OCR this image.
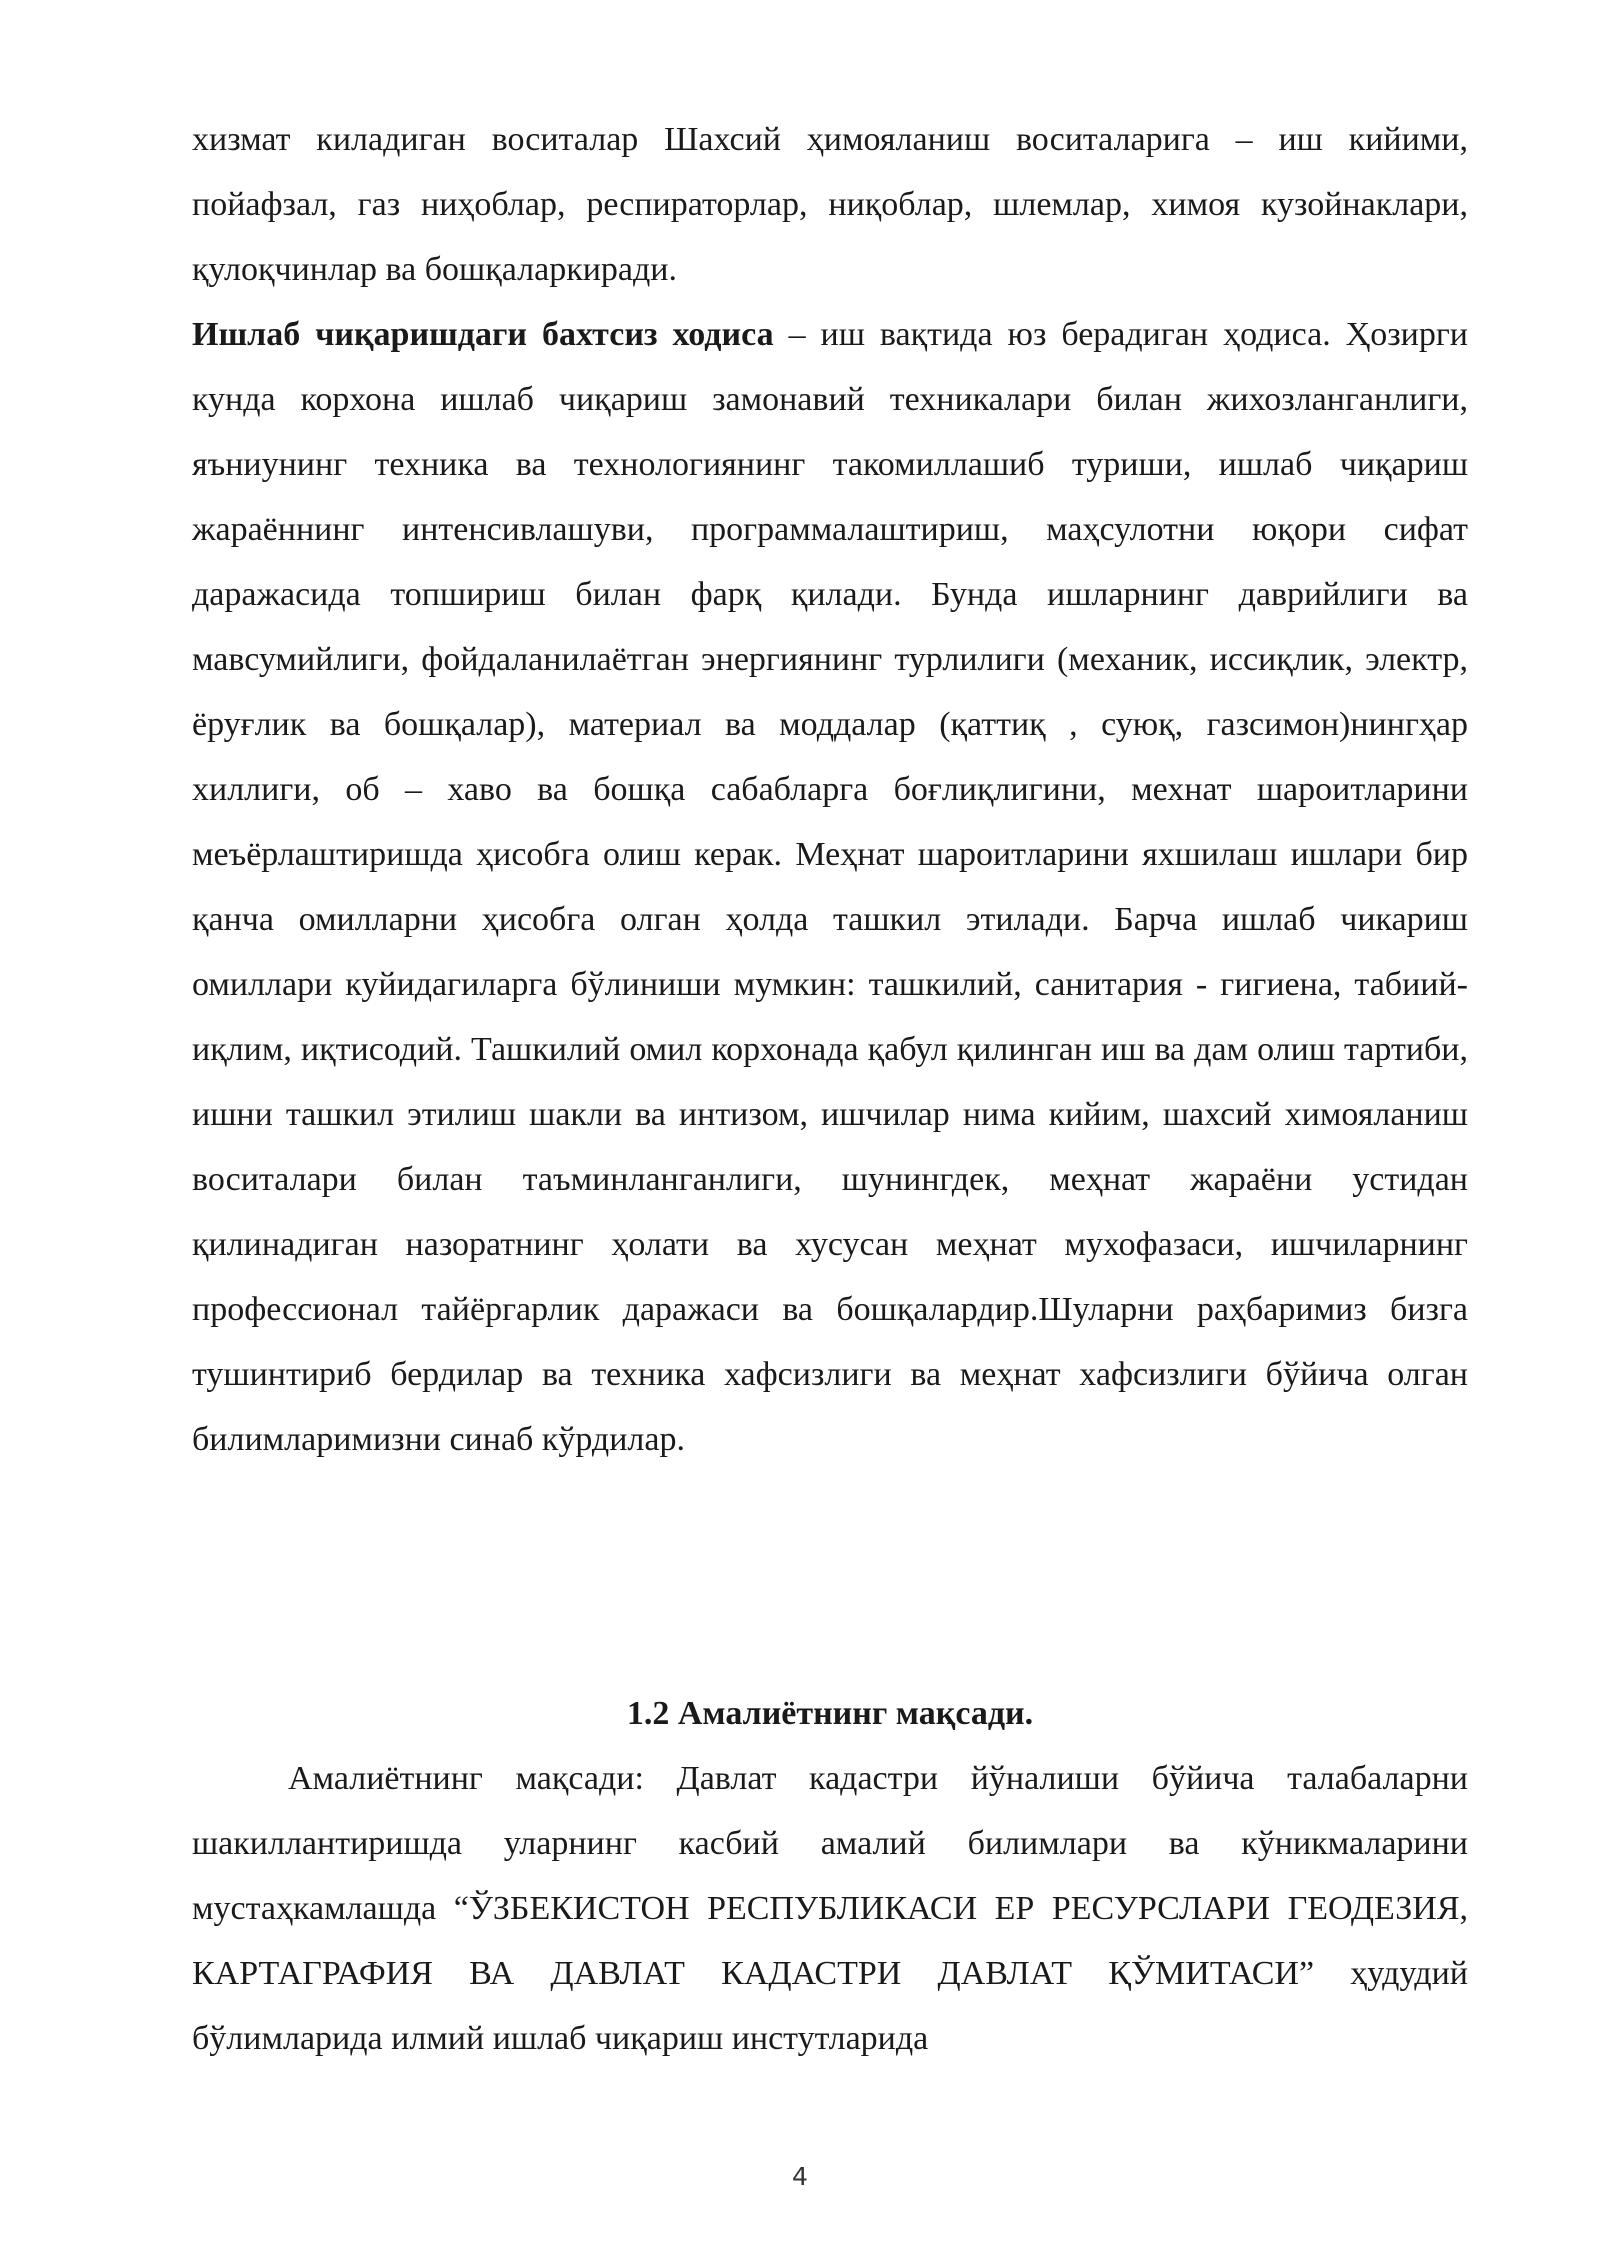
хизмат киладиган воситалар Шахсий ҳимояланиш воситаларига – иш кийими, пойафзал, газ ниҳоблар, респираторлар, ниқоблар, шлемлар, химоя кузойнаклари, қулоқчинлар ва бошқаларкиради.

Ишлаб чиқаришдаги бахтсиз ходиса – иш вақтида юз берадиган ҳодиса. Ҳозирги кунда корхона ишлаб чиқариш замонавий техникалари билан жихозланганлиги, яъниунинг техника ва технологиянинг такомиллашиб туриши, ишлаб чиқариш жараённинг интенсивлашуви, программалаштириш, маҳсулотни юқори сифат даражасида топшириш билан фарқ қилади. Бунда ишларнинг даврийлиги ва мавсумийлиги, фойдаланилаётган энергиянинг турлилиги (механик, иссиқлик, электр, ёруғлик ва бошқалар), материал ва моддалар (қаттиқ , суюқ, газсимон)нингҳар хиллиги, об – хаво ва бошқа сабабларга боғлиқлигини, мехнат шароитларини меъёрлаштиришда ҳисобга олиш керак. Меҳнат шароитларини яхшилаш ишлари бир қанча омилларни ҳисобга олган ҳолда ташкил этилади. Барча ишлаб чикариш омиллари куйидагиларга бўлиниши мумкин: ташкилий, санитария - гигиена, табиий-иқлим, иқтисодий. Ташкилий омил корхонада қабул қилинган иш ва дам олиш тартиби, ишни ташкил этилиш шакли ва интизом, ишчилар нима кийим, шахсий химояланиш воситалари билан таъминланганлиги, шунингдек, меҳнат жараёни устидан қилинадиган назоратнинг ҳолати ва хусусан меҳнат мухофазаси, ишчиларнинг профессионал тайёргарлик даражаси ва бошқалардир.Шуларни раҳбаримиз бизга тушинтириб бердилар ва техника хафсизлиги ва меҳнат хафсизлиги бўйича олган билимларимизни синаб кўрдилар.

1.2 Амалиётнинг мақсади.

Амалиётнинг мақсади: Давлат кадастри йўналиши бўйича талабаларни шакиллантиришда уларнинг касбий амалий билимлари ва кўникмаларини мустаҳкамлашда “ЎЗБЕКИСТОН РЕСПУБЛИКАСИ ЕР РЕСУРСЛАРИ ГЕОДЕЗИЯ, КАРТАГРАФИЯ ВА ДАВЛАТ КАДАСТРИ ДАВЛАТ ҚЎМИТАСИ” ҳудудий бўлимларида илмий ишлаб чиқариш инстутларида

4
